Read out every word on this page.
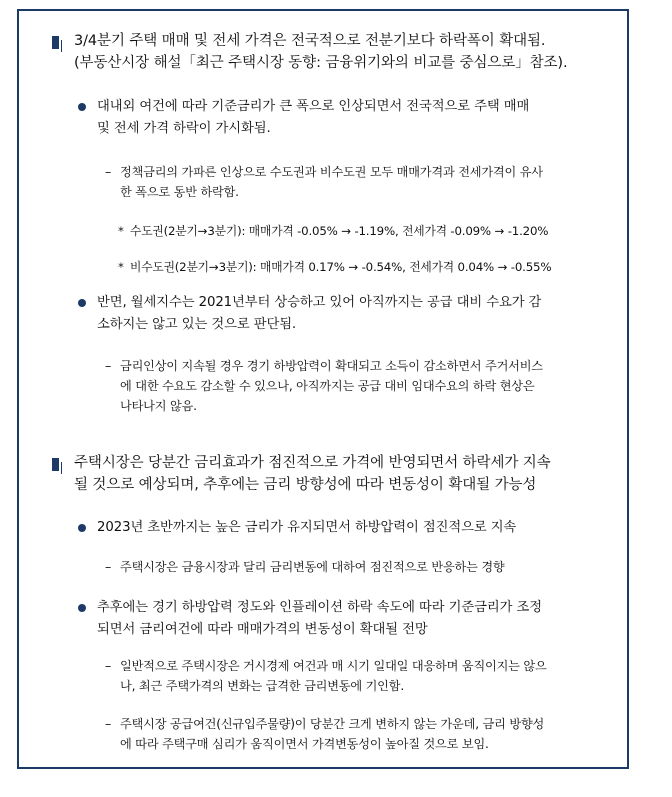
3/4분기 주택 매매 및 전세 가격은 전국적으로 전분기보다 하락폭이 확대됨.
(부동산시장 해설「최근 주택시장 동향: 금융위기와의 비교를 중심으로」참조).
대내외 여건에 따라 기준금리가 큰 폭으로 인상되면서 전국적으로 주택 매매
및 전세 가격 하락이 가시화됨.
– 정책금리의 가파른 인상으로 수도권과 비수도권 모두 매매가격과 전세가격이 유사
한 폭으로 동반 하락함.
* 수도권(2분기→3분기): 매매가격 -0.05% → -1.19%, 전세가격 -0.09% → -1.20%
* 비수도권(2분기→3분기): 매매가격 0.17% → -0.54%, 전세가격 0.04% → -0.55%
반면, 월세지수는 2021년부터 상승하고 있어 아직까지는 공급 대비 수요가 감
소하지는 않고 있는 것으로 판단됨.
– 금리인상이 지속될 경우 경기 하방압력이 확대되고 소득이 감소하면서 주거서비스
에 대한 수요도 감소할 수 있으나, 아직까지는 공급 대비 임대수요의 하락 현상은
나타나지 않음.
주택시장은 당분간 금리효과가 점진적으로 가격에 반영되면서 하락세가 지속
될 것으로 예상되며, 추후에는 금리 방향성에 따라 변동성이 확대될 가능성
2023년 초반까지는 높은 금리가 유지되면서 하방압력이 점진적으로 지속
– 주택시장은 금융시장과 달리 금리변동에 대하여 점진적으로 반응하는 경향
추후에는 경기 하방압력 정도와 인플레이션 하락 속도에 따라 기준금리가 조정
되면서 금리여건에 따라 매매가격의 변동성이 확대될 전망
– 일반적으로 주택시장은 거시경제 여건과 매 시기 일대일 대응하며 움직이지는 않으
나, 최근 주택가격의 변화는 급격한 금리변동에 기인함.
– 주택시장 공급여건(신규입주물량)이 당분간 크게 변하지 않는 가운데, 금리 방향성
에 따라 주택구매 심리가 움직이면서 가격변동성이 높아질 것으로 보임.
